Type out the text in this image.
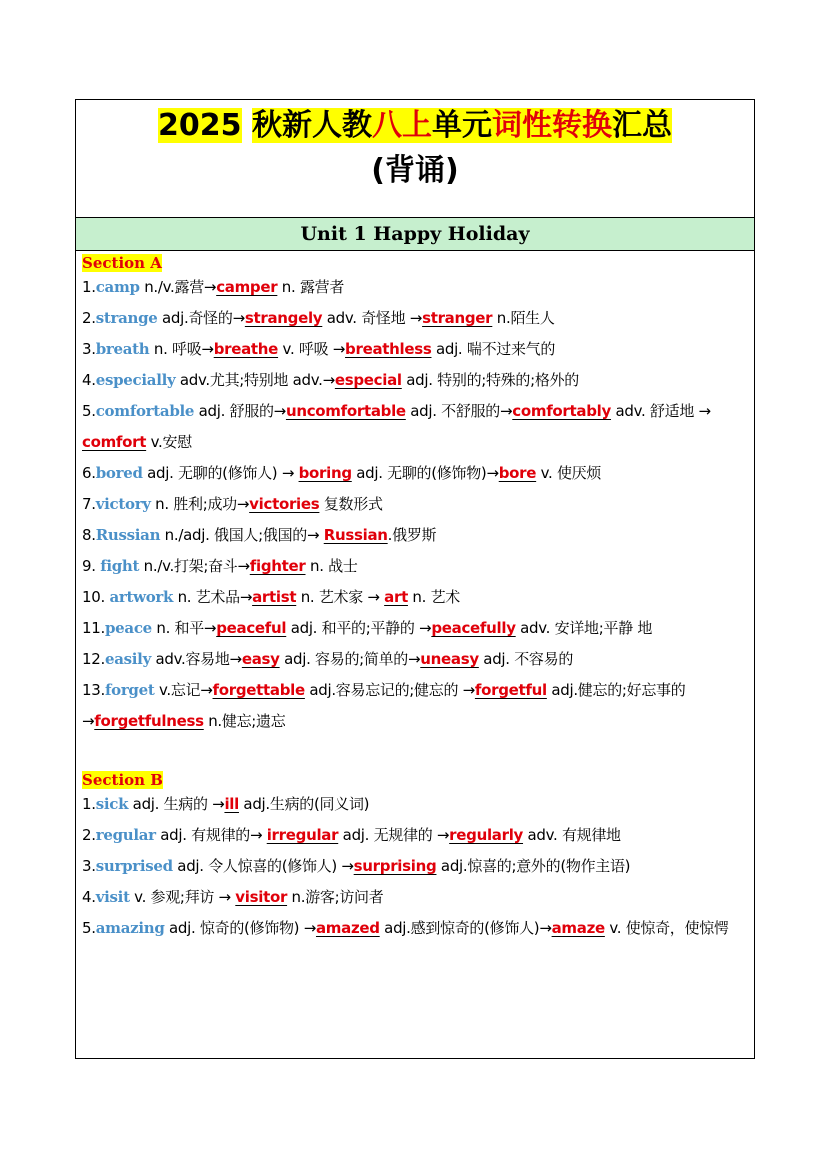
2025 秋新人教八上单元词性转换汇总
(背诵)
Unit 1 Happy Holiday
Section A
1.camp n./v.露营→camper n. 露营者
2.strange adj.奇怪的→strangely adv. 奇怪地 →stranger n.陌生人
3.breath n. 呼吸→breathe v. 呼吸 →breathless adj. 喘不过来气的
4.especially adv.尤其;特别地 adv.→especial adj. 特别的;特殊的;格外的
5.comfortable adj. 舒服的→uncomfortable adj. 不舒服的→comfortably adv. 舒适地 → comfort v.安慰
6.bored adj. 无聊的(修饰人) → boring adj. 无聊的(修饰物)→bore v. 使厌烦
7.victory n. 胜利;成功→victories 复数形式
8.Russian n./adj. 俄国人;俄国的→ Russian.俄罗斯
9. fight n./v.打架;奋斗→fighter n. 战士
10. artwork n. 艺术品→artist n. 艺术家 → art n. 艺术
11.peace n. 和平→peaceful adj. 和平的;平静的 →peacefully adv. 安详地;平静 地
12.easily adv.容易地→easy adj. 容易的;简单的→uneasy adj. 不容易的
13.forget v.忘记→forgettable adj.容易忘记的;健忘的 →forgetful adj.健忘的;好忘事的 →forgetfulness n.健忘;遗忘
Section B
1.sick adj. 生病的 →ill adj.生病的(同义词)
2.regular adj. 有规律的→ irregular adj. 无规律的 →regularly adv. 有规律地
3.surprised adj. 令人惊喜的(修饰人) →surprising adj.惊喜的;意外的(物作主语)
4.visit v. 参观;拜访 → visitor n.游客;访问者
5.amazing adj. 惊奇的(修饰物) →amazed adj.感到惊奇的(修饰人)→amaze v. 使惊奇，使惊愕
